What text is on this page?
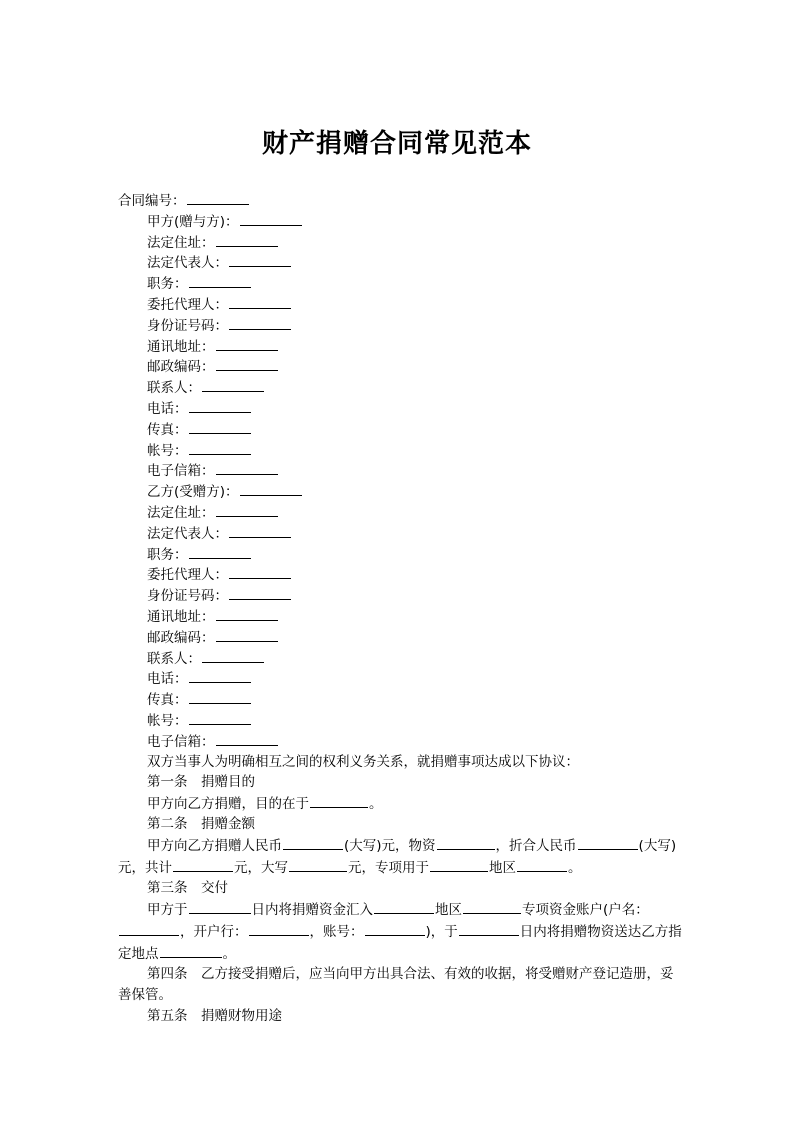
财产捐赠合同常见范本
合同编号：
甲方(赠与方)：
法定住址：
法定代表人：
职务：
委托代理人：
身份证号码：
通讯地址：
邮政编码：
联系人：
电话：
传真：
帐号：
电子信箱：
乙方(受赠方)：
法定住址：
法定代表人：
职务：
委托代理人：
身份证号码：
通讯地址：
邮政编码：
联系人：
电话：
传真：
帐号：
电子信箱：
双方当事人为明确相互之间的权利义务关系，就捐赠事项达成以下协议：
第一条　捐赠目的
甲方向乙方捐赠，目的在于	。
第二条　捐赠金额
甲方向乙方捐赠人民币	(大写)元，物资	，折合人民币	(大写)元，共计	元，大写	元，专项用于	地区	。
第三条　交付
甲方于	日内将捐赠资金汇入	地区	专项资金账户(户名：，开户行：	，账号：	)，于	日内将捐赠物资送达乙方指定地点	。
第四条　乙方接受捐赠后，应当向甲方出具合法、有效的收据，将受赠财产登记造册，妥善保管。
第五条　捐赠财物用途
